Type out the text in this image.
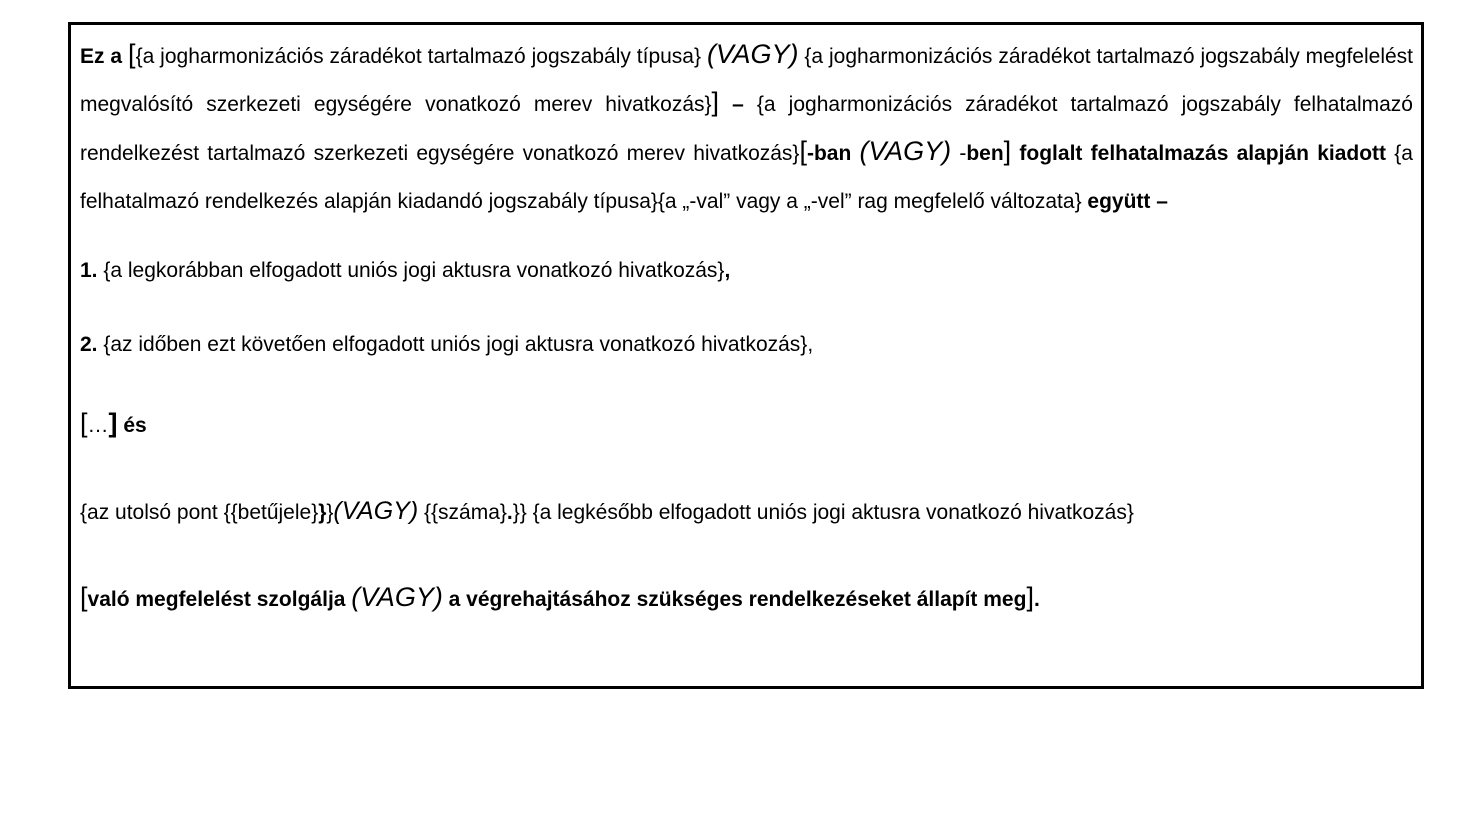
Ez a [{a jogharmonizációs záradékot tartalmazó jogszabály típusa} (VAGY) {a jogharmonizációs záradékot tartalmazó jogszabály megfelelést megvalósító szerkezeti egységére vonatkozó merev hivatkozás}] – {a jogharmonizációs záradékot tartalmazó jogszabály felhatalmazó rendelkezést tartalmazó szerkezeti egységére vonatkozó merev hivatkozás}[-ban (VAGY) -ben] foglalt felhatalmazás alapján kiadott {a felhatalmazó rendelkezés alapján kiadandó jogszabály típusa}{a „-val” vagy a „-vel” rag megfelelő változata} együtt –

1. {a legkorábban elfogadott uniós jogi aktusra vonatkozó hivatkozás},

2. {az időben ezt követően elfogadott uniós jogi aktusra vonatkozó hivatkozás},

[…] és

{az utolsó pont {{betűjele}}}(VAGY) {{száma}.}} {a legkésőbb elfogadott uniós jogi aktusra vonatkozó hivatkozás}

[való megfelelést szolgálja (VAGY) a végrehajtásához szükséges rendelkezéseket állapít meg].
